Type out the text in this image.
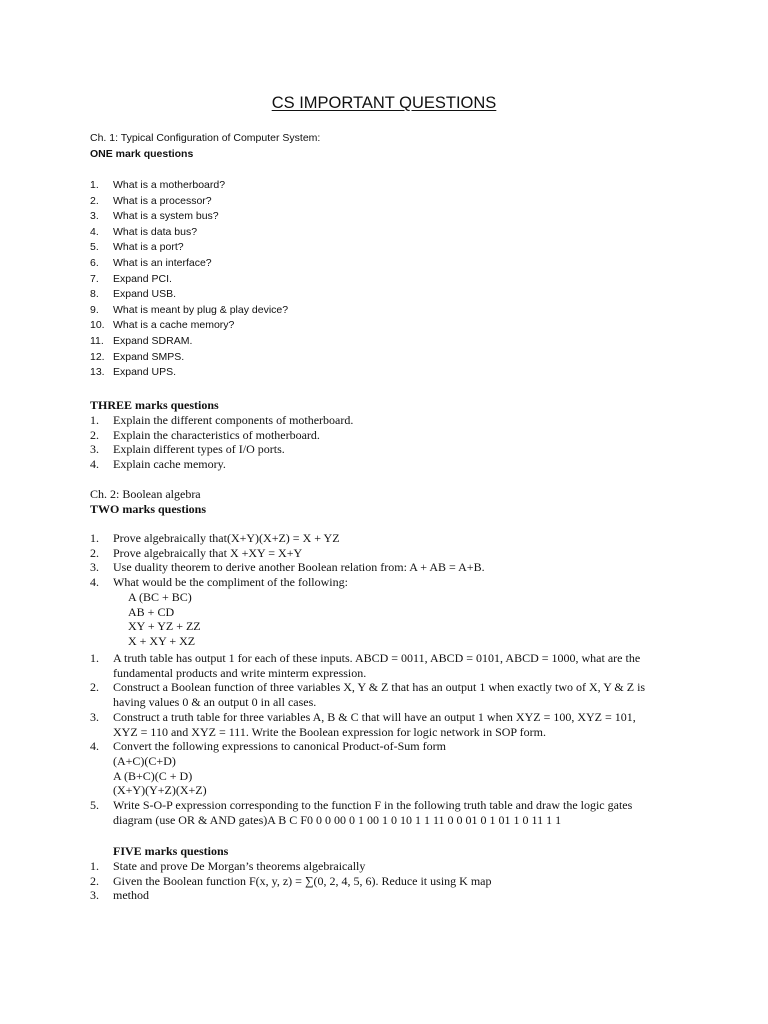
CS IMPORTANT QUESTIONS
Ch. 1: Typical Configuration of Computer System:
ONE mark questions
1. What is a motherboard?
2. What is a processor?
3. What is a system bus?
4. What is data bus?
5. What is a port?
6. What is an interface?
7. Expand PCI.
8. Expand USB.
9. What is meant by plug & play device?
10. What is a cache memory?
11. Expand SDRAM.
12. Expand SMPS.
13. Expand UPS.
THREE marks questions
1. Explain the different components of motherboard.
2. Explain the characteristics of motherboard.
3. Explain different types of I/O ports.
4. Explain cache memory.
Ch. 2: Boolean algebra
TWO marks questions
1. Prove algebraically that(X+Y)(X+Z) = X + YZ
2. Prove algebraically that X +XY = X+Y
3. Use duality theorem to derive another Boolean relation from: A + AB = A+B.
4. What would be the compliment of the following:
A (BC + BC)
AB + CD
XY + YZ + ZZ
X + XY + XZ
1. A truth table has output 1 for each of these inputs. ABCD = 0011, ABCD = 0101, ABCD = 1000, what are the
fundamental products and write minterm expression.
2. Construct a Boolean function of three variables X, Y & Z that has an output 1 when exactly two of X, Y & Z is
having values 0 & an output 0 in all cases.
3. Construct a truth table for three variables A, B & C that will have an output 1 when XYZ = 100, XYZ = 101,
XYZ = 110 and XYZ = 111. Write the Boolean expression for logic network in SOP form.
4. Convert the following expressions to canonical Product-of-Sum form
(A+C)(C+D)
A (B+C)(C + D)
(X+Y)(Y+Z)(X+Z)
5. Write S-O-P expression corresponding to the function F in the following truth table and draw the logic gates
diagram (use OR & AND gates)A B C F0 0 0 00 0 1 00 1 0 10 1 1 11 0 0 01 0 1 01 1 0 11 1 1
FIVE marks questions
1. State and prove De Morgan’s theorems algebraically
2. Given the Boolean function F(x, y, z) = ∑(0, 2, 4, 5, 6). Reduce it using K map
3. method
